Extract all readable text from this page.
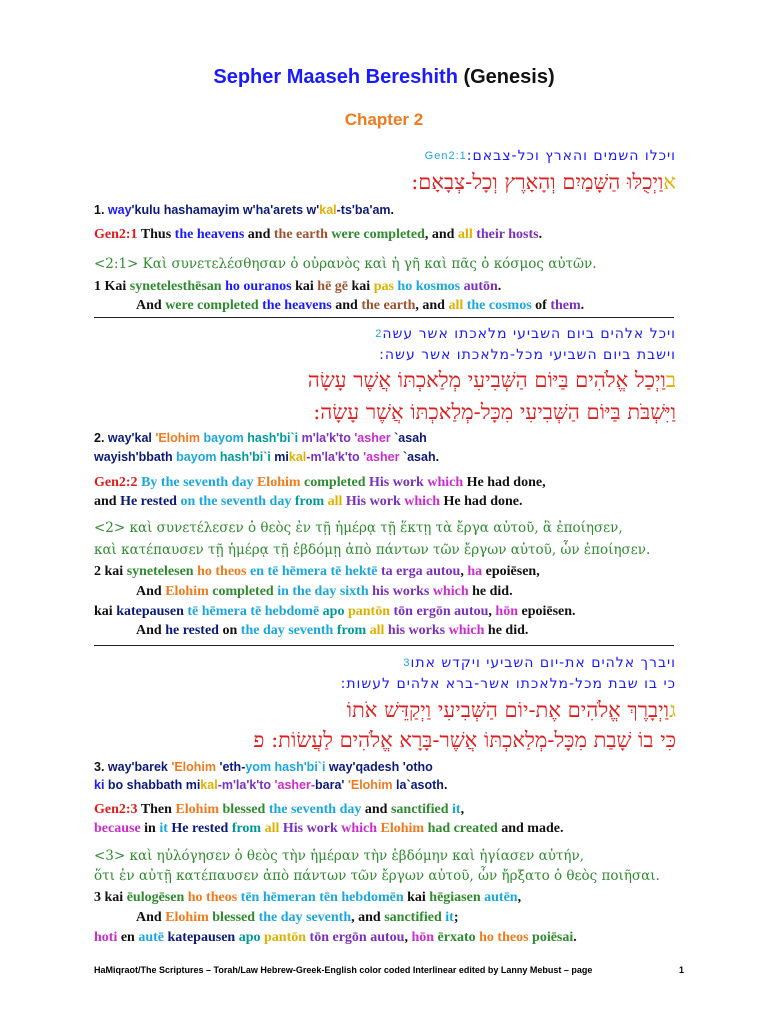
Sepher Maaseh Bereshith (Genesis)
Chapter 2
ויכלו השמים והארץ וכל-צבאם:Gen2:1
אוַיְכֻלּוּ הַשָּׁמַיִם וְהָאָרֶץ וְכָל-צְבָאָם:
1. way'kulu hashamayim w'ha'arets w'kal-ts'ba'am.
Gen2:1 Thus the heavens and the earth were completed, and all their hosts.
<2:1> Καὶ συνετελέσθησαν ὁ οὐρανὸς καὶ ἡ γῆ καὶ πᾶς ὁ κόσμος αὐτῶν.
1 Kai synetelesthēsan ho ouranos kai hē gē kai pas ho kosmos autōn.
And were completed the heavens and the earth, and all the cosmos of them.
ויכל אלהים ביום השביעי מלאכתו אשר עשה2
וישבת ביום השביעי מכל-מלאכתו אשר עשה:
בוַיְכַל אֱלֹהִים בַּיּוֹם הַשְּׁבִיעִי מְלַאכְתּוֹ אֲשֶׁר עָשָׂה
וַיִּשְׁבֹּת בַּיּוֹם הַשְּׁבִיעִי מִכָּל-מְלַאכְתּוֹ אֲשֶׁר עָשָׂה:
2. way'kal 'Elohim bayom hash'bi`i m'la'k'to 'asher `asah
wayish'bbath bayom hash'bi`i mikal-m'la'k'to 'asher `asah.
Gen2:2 By the seventh day Elohim completed His work which He had done,
and He rested on the seventh day from all His work which He had done.
<2> καὶ συνετέλεσεν ὁ θεὸς ἐν τῇ ἡμέρᾳ τῇ ἕκτῃ τὰ ἔργα αὐτοῦ, ἃ ἐποίησεν,
καὶ κατέπαυσεν τῇ ἡμέρᾳ τῇ ἑβδόμῃ ἀπὸ πάντων τῶν ἔργων αὐτοῦ, ὧν ἐποίησεν.
2 kai synetelesen ho theos en tē hēmera tē hektē ta erga autou, ha epoiēsen,
And Elohim completed in the day sixth his works which he did.
kai katepausen tē hēmera tē hebdomē apo pantōn tōn ergōn autou, hōn epoiēsen.
And he rested on the day seventh from all his works which he did.
ויברך אלהים את-יום השביעי ויקדש אתו3
כי בו שבת מכל-מלאכתו אשר-ברא אלהים לעשות:
גוַיְבָרֶךְ אֱלֹהִים אֶת-יוֹם הַשְּׁבִיעִי וַיְקַדֵּשׁ אֹתוֹ
כִּי בוֹ שָׁבַת מִכָּל-מְלַאכְתּוֹ אֲשֶׁר-בָּרָא אֱלֹהִים לַעֲשׂוֹת: פ
3. way'barek 'Elohim 'eth-yom hash'bi`i way'qadesh 'otho
ki bo shabbath mikal-m'la'k'to 'asher-bara' 'Elohim la`asoth.
Gen2:3 Then Elohim blessed the seventh day and sanctified it,
because in it He rested from all His work which Elohim had created and made.
<3> καὶ ηὐλόγησεν ὁ θεὸς τὴν ἡμέραν τὴν ἑβδόμην καὶ ἡγίασεν αὐτήν,
ὅτι ἐν αὐτῇ κατέπαυσεν ἀπὸ πάντων τῶν ἔργων αὐτοῦ, ὧν ἤρξατο ὁ θεὸς ποιῆσαι.
3 kai ēulogēsen ho theos tēn hēmeran tēn hebdomēn kai hēgiasen autēn,
And Elohim blessed the day seventh, and sanctified it;
hoti en autē katepausen apo pantōn tōn ergōn autou, hōn ērxato ho theos poiēsai.
HaMiqraot/The Scriptures – Torah/Law Hebrew-Greek-English color coded Interlinear edited by Lanny Mebust – page	1
